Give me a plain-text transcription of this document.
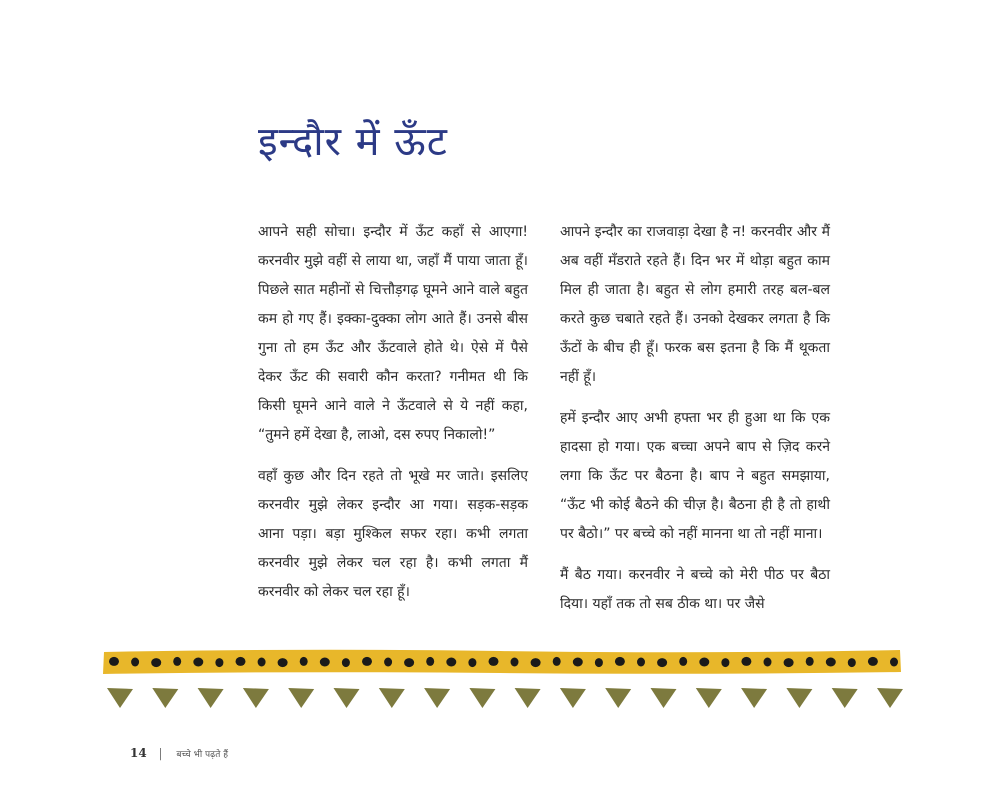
इन्दौर में ऊँट

आपने सही सोचा। इन्दौर में ऊँट कहाँ से आएगा! करनवीर मुझे वहीं से लाया था, जहाँ मैं पाया जाता हूँ। पिछले सात महीनों से चित्तौड़गढ़ घूमने आने वाले बहुत कम हो गए हैं। इक्का-दुक्का लोग आते हैं। उनसे बीस गुना तो हम ऊँट और ऊँटवाले होते थे। ऐसे में पैसे देकर ऊँट की सवारी कौन करता? गनीमत थी कि किसी घूमने आने वाले ने ऊँटवाले से ये नहीं कहा, “तुमने हमें देखा है, लाओ, दस रुपए निकालो!”

वहाँ कुछ और दिन रहते तो भूखे मर जाते। इसलिए करनवीर मुझे लेकर इन्दौर आ गया। सड़क-सड़क आना पड़ा। बड़ा मुश्किल सफर रहा। कभी लगता करनवीर मुझे लेकर चल रहा है। कभी लगता मैं करनवीर को लेकर चल रहा हूँ।

आपने इन्दौर का राजवाड़ा देखा है न! करनवीर और मैं अब वहीं मँडराते रहते हैं। दिन भर में थोड़ा बहुत काम मिल ही जाता है। बहुत से लोग हमारी तरह बल-बल करते कुछ चबाते रहते हैं। उनको देखकर लगता है कि ऊँटों के बीच ही हूँ। फरक बस इतना है कि मैं थूकता नहीं हूँ।

हमें इन्दौर आए अभी हफ्ता भर ही हुआ था कि एक हादसा हो गया। एक बच्चा अपने बाप से ज़िद करने लगा कि ऊँट पर बैठना है। बाप ने बहुत समझाया, “ऊँट भी कोई बैठने की चीज़ है। बैठना ही है तो हाथी पर बैठो।” पर बच्चे को नहीं मानना था तो नहीं माना।

मैं बैठ गया। करनवीर ने बच्चे को मेरी पीठ पर बैठा दिया। यहाँ तक तो सब ठीक था। पर जैसे

14 | बच्चे भी पढ़ते हैं
